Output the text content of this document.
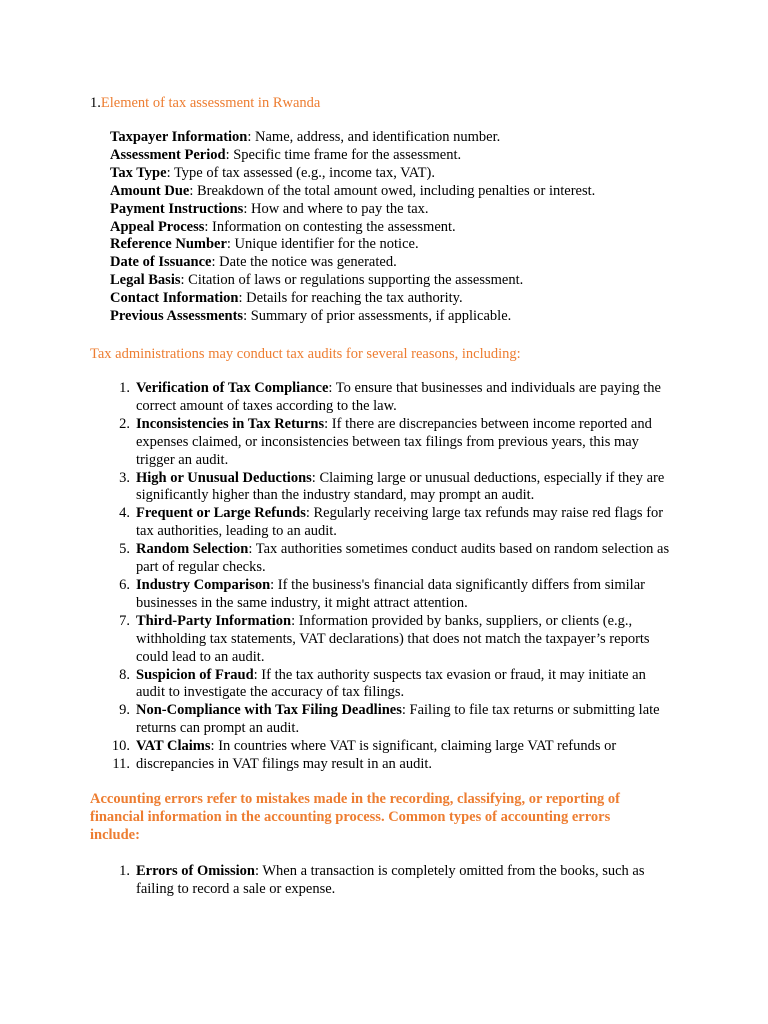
1.Element of tax assessment in Rwanda
Taxpayer Information: Name, address, and identification number.
Assessment Period: Specific time frame for the assessment.
Tax Type: Type of tax assessed (e.g., income tax, VAT).
Amount Due: Breakdown of the total amount owed, including penalties or interest.
Payment Instructions: How and where to pay the tax.
Appeal Process: Information on contesting the assessment.
Reference Number: Unique identifier for the notice.
Date of Issuance: Date the notice was generated.
Legal Basis: Citation of laws or regulations supporting the assessment.
Contact Information: Details for reaching the tax authority.
Previous Assessments: Summary of prior assessments, if applicable.
Tax administrations may conduct tax audits for several reasons, including:
1. Verification of Tax Compliance: To ensure that businesses and individuals are paying the correct amount of taxes according to the law.
2. Inconsistencies in Tax Returns: If there are discrepancies between income reported and expenses claimed, or inconsistencies between tax filings from previous years, this may trigger an audit.
3. High or Unusual Deductions: Claiming large or unusual deductions, especially if they are significantly higher than the industry standard, may prompt an audit.
4. Frequent or Large Refunds: Regularly receiving large tax refunds may raise red flags for tax authorities, leading to an audit.
5. Random Selection: Tax authorities sometimes conduct audits based on random selection as part of regular checks.
6. Industry Comparison: If the business's financial data significantly differs from similar businesses in the same industry, it might attract attention.
7. Third-Party Information: Information provided by banks, suppliers, or clients (e.g., withholding tax statements, VAT declarations) that does not match the taxpayer’s reports could lead to an audit.
8. Suspicion of Fraud: If the tax authority suspects tax evasion or fraud, it may initiate an audit to investigate the accuracy of tax filings.
9. Non-Compliance with Tax Filing Deadlines: Failing to file tax returns or submitting late returns can prompt an audit.
10. VAT Claims: In countries where VAT is significant, claiming large VAT refunds or
11. discrepancies in VAT filings may result in an audit.
Accounting errors refer to mistakes made in the recording, classifying, or reporting of financial information in the accounting process. Common types of accounting errors include:
1. Errors of Omission: When a transaction is completely omitted from the books, such as failing to record a sale or expense.
